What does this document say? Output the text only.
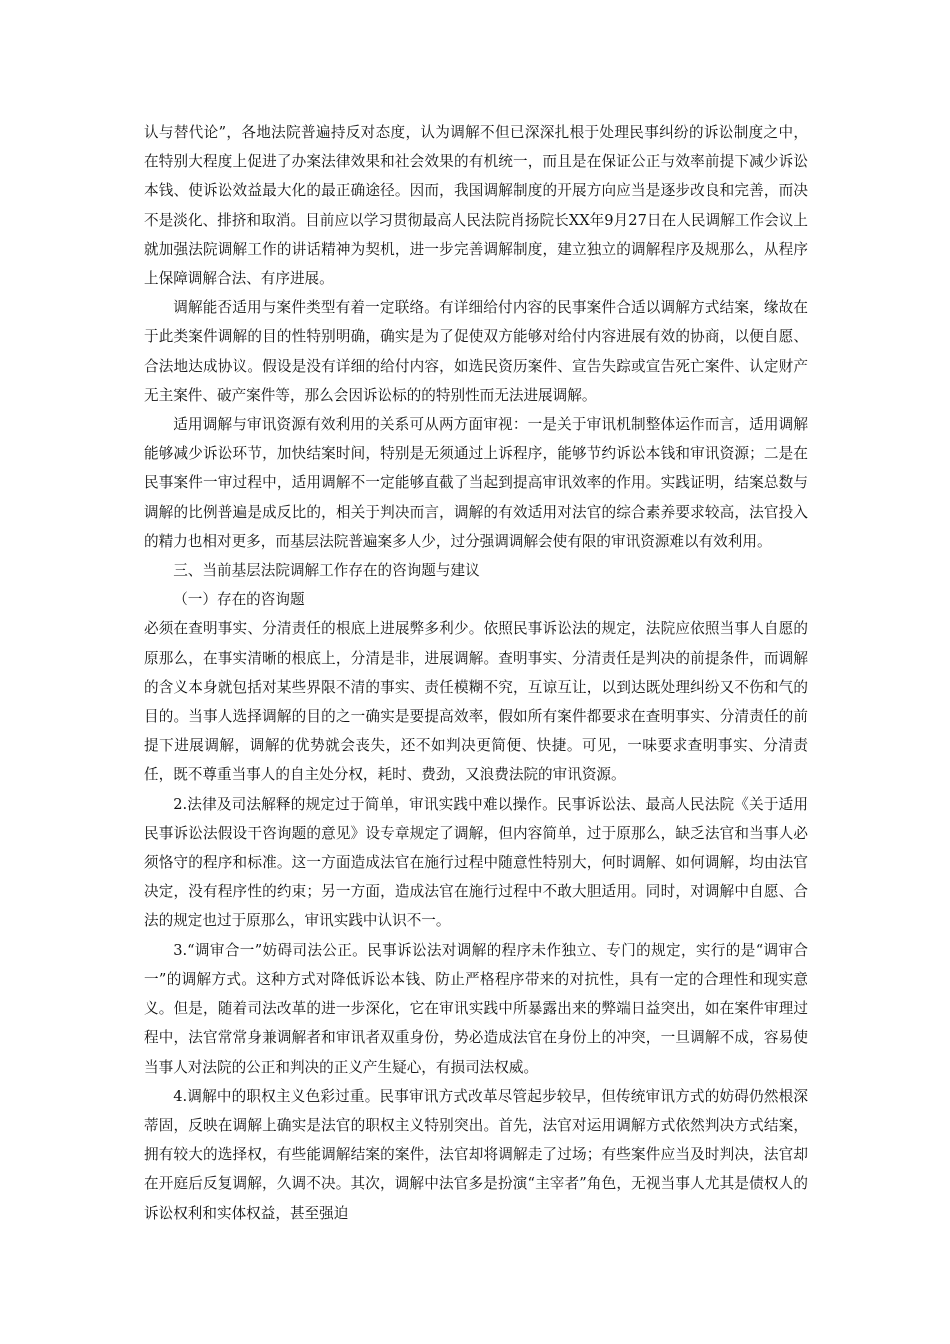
认与替代论”，各地法院普遍持反对态度，认为调解不但已深深扎根于处理民事纠纷的诉讼制度之中，在特别大程度上促进了办案法律效果和社会效果的有机统一，而且是在保证公正与效率前提下减少诉讼本钱、使诉讼效益最大化的最正确途径。因而，我国调解制度的开展方向应当是逐步改良和完善，而决不是淡化、排挤和取消。目前应以学习贯彻最高人民法院肖扬院长XX年9月27日在人民调解工作会议上就加强法院调解工作的讲话精神为契机，进一步完善调解制度，建立独立的调解程序及规那么，从程序上保障调解合法、有序进展。

调解能否适用与案件类型有着一定联络。有详细给付内容的民事案件合适以调解方式结案，缘故在于此类案件调解的目的性特别明确，确实是为了促使双方能够对给付内容进展有效的协商，以便自愿、合法地达成协议。假设是没有详细的给付内容，如选民资历案件、宣告失踪或宣告死亡案件、认定财产无主案件、破产案件等，那么会因诉讼标的的特别性而无法进展调解。

适用调解与审讯资源有效利用的关系可从两方面审视：一是关于审讯机制整体运作而言，适用调解能够减少诉讼环节，加快结案时间，特别是无须通过上诉程序，能够节约诉讼本钱和审讯资源；二是在民事案件一审过程中，适用调解不一定能够直截了当起到提高审讯效率的作用。实践证明，结案总数与调解的比例普遍是成反比的，相关于判决而言，调解的有效适用对法官的综合素养要求较高，法官投入的精力也相对更多，而基层法院普遍案多人少，过分强调调解会使有限的审讯资源难以有效利用。

三、当前基层法院调解工作存在的咨询题与建议

（一）存在的咨询题

必须在查明事实、分清责任的根底上进展弊多利少。依照民事诉讼法的规定，法院应依照当事人自愿的原那么，在事实清晰的根底上，分清是非，进展调解。查明事实、分清责任是判决的前提条件，而调解的含义本身就包括对某些界限不清的事实、责任模糊不究，互谅互让，以到达既处理纠纷又不伤和气的目的。当事人选择调解的目的之一确实是要提高效率，假如所有案件都要求在查明事实、分清责任的前提下进展调解，调解的优势就会丧失，还不如判决更简便、快捷。可见，一味要求查明事实、分清责任，既不尊重当事人的自主处分权，耗时、费劲，又浪费法院的审讯资源。

2.法律及司法解释的规定过于简单，审讯实践中难以操作。民事诉讼法、最高人民法院《关于适用民事诉讼法假设干咨询题的意见》设专章规定了调解，但内容简单，过于原那么，缺乏法官和当事人必须恪守的程序和标准。这一方面造成法官在施行过程中随意性特别大，何时调解、如何调解，均由法官决定，没有程序性的约束；另一方面，造成法官在施行过程中不敢大胆适用。同时，对调解中自愿、合法的规定也过于原那么，审讯实践中认识不一。

3.“调审合一”妨碍司法公正。民事诉讼法对调解的程序未作独立、专门的规定，实行的是“调审合一”的调解方式。这种方式对降低诉讼本钱、防止严格程序带来的对抗性，具有一定的合理性和现实意义。但是，随着司法改革的进一步深化，它在审讯实践中所暴露出来的弊端日益突出，如在案件审理过程中，法官常常身兼调解者和审讯者双重身份，势必造成法官在身份上的冲突，一旦调解不成，容易使当事人对法院的公正和判决的正义产生疑心，有损司法权威。

4.调解中的职权主义色彩过重。民事审讯方式改革尽管起步较早，但传统审讯方式的妨碍仍然根深蒂固，反映在调解上确实是法官的职权主义特别突出。首先，法官对运用调解方式依然判决方式结案，拥有较大的选择权，有些能调解结案的案件，法官却将调解走了过场；有些案件应当及时判决，法官却在开庭后反复调解，久调不决。其次，调解中法官多是扮演“主宰者”角色，无视当事人尤其是债权人的诉讼权利和实体权益，甚至强迫
